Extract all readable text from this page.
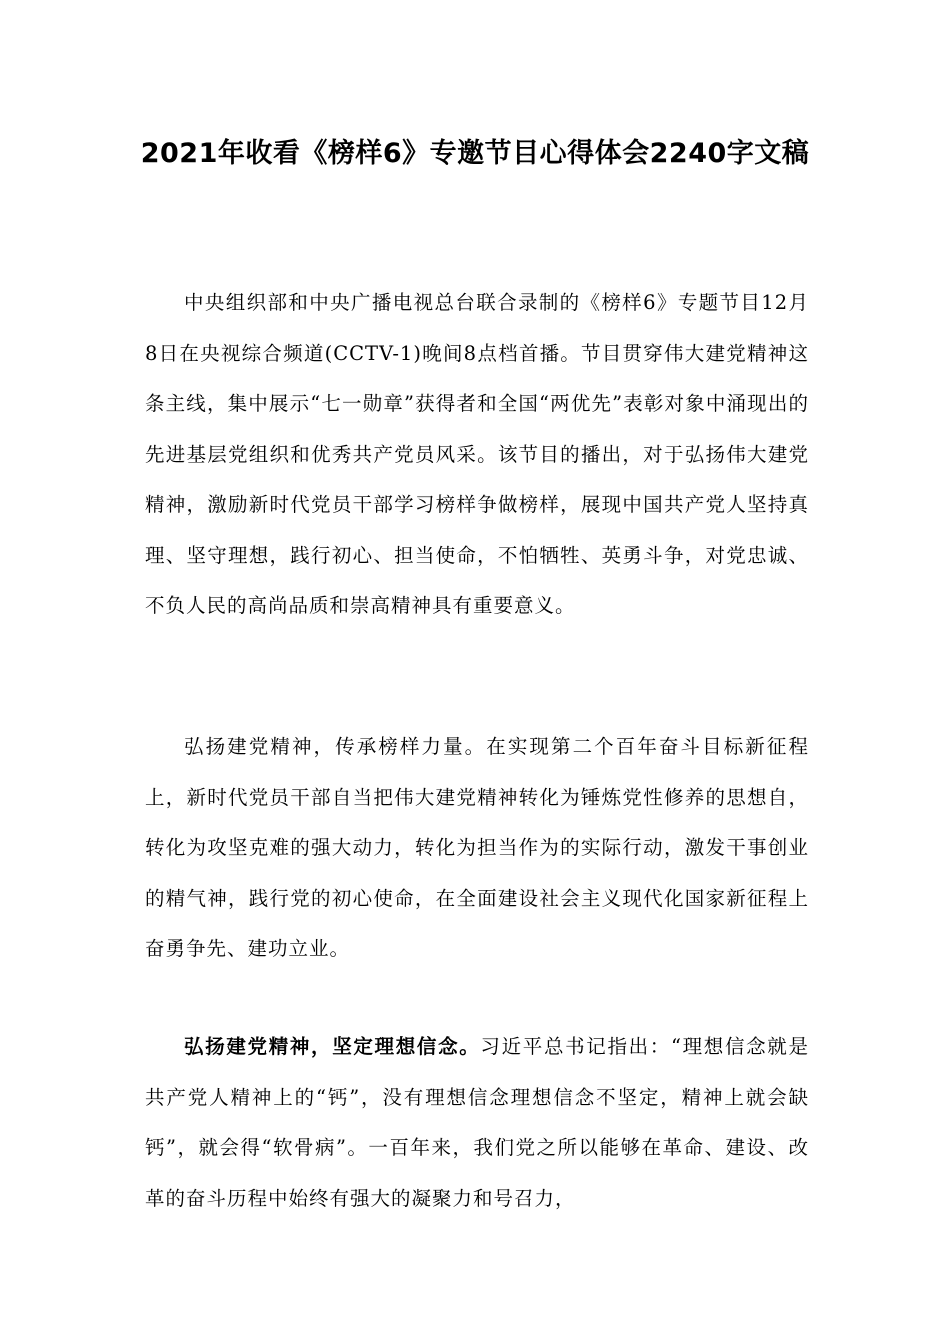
2021年收看《榜样6》专邀节目心得体会2240字文稿

中央组织部和中央广播电视总台联合录制的《榜样6》专题节目12月8日在央视综合频道(CCTV-1)晚间8点档首播。节目贯穿伟大建党精神这条主线，集中展示“七一勋章”获得者和全国“两优先”表彰对象中涌现出的先进基层党组织和优秀共产党员风采。该节目的播出，对于弘扬伟大建党精神，激励新时代党员干部学习榜样争做榜样，展现中国共产党人坚持真理、坚守理想，践行初心、担当使命，不怕牺牲、英勇斗争，对党忠诚、不负人民的高尚品质和崇高精神具有重要意义。

弘扬建党精神，传承榜样力量。在实现第二个百年奋斗目标新征程上，新时代党员干部自当把伟大建党精神转化为锤炼党性修养的思想自，转化为攻坚克难的强大动力，转化为担当作为的实际行动，激发干事创业的精气神，践行党的初心使命，在全面建设社会主义现代化国家新征程上奋勇争先、建功立业。

弘扬建党精神，坚定理想信念。习近平总书记指出：“理想信念就是共产党人精神上的“钙”，没有理想信念理想信念不坚定，精神上就会缺钙”，就会得“软骨病”。一百年来，我们党之所以能够在革命、建设、改革的奋斗历程中始终有强大的凝聚力和号召力，
